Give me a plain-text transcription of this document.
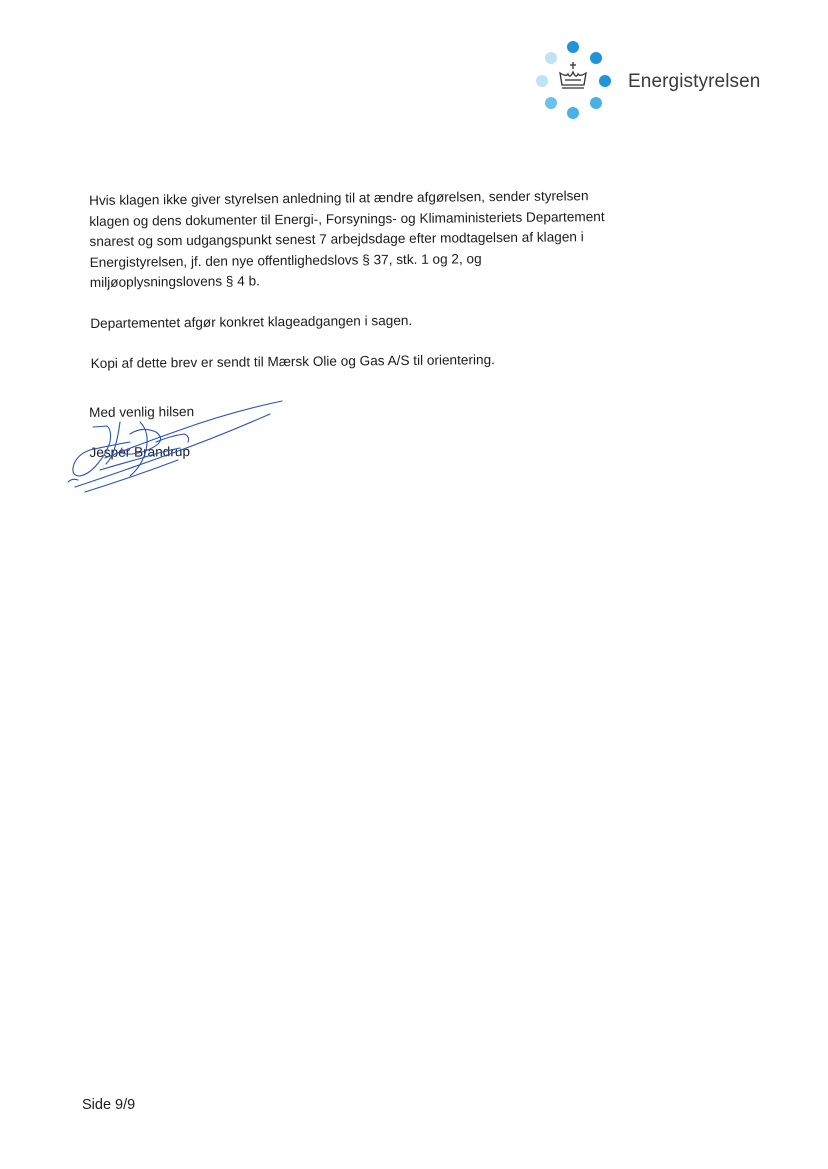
Energistyrelsen

Hvis klagen ikke giver styrelsen anledning til at ændre afgørelsen, sender styrelsen klagen og dens dokumenter til Energi-, Forsynings- og Klimaministeriets Departement snarest og som udgangspunkt senest 7 arbejdsdage efter modtagelsen af klagen i Energistyrelsen, jf. den nye offentlighedslovs § 37, stk. 1 og 2, og miljøoplysningslovens § 4 b.

Departementet afgør konkret klageadgangen i sagen.

Kopi af dette brev er sendt til Mærsk Olie og Gas A/S til orientering.

Med venlig hilsen
Jesper Brandrup
Side 9/9
